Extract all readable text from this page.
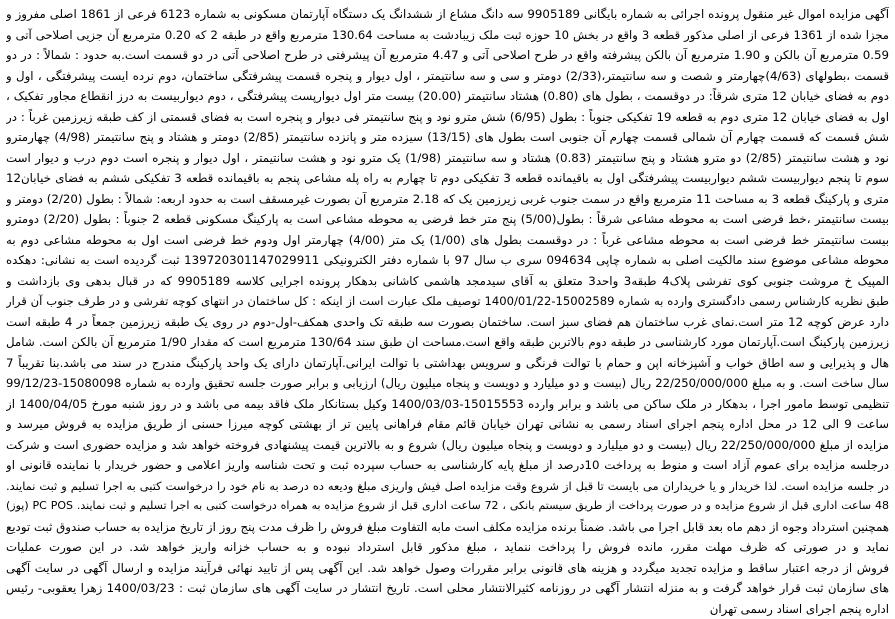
آگهی مزایده اموال غیر منقول پرونده اجرائی به شماره بایگانی 9905189 سه دانگ مشاع از ششدانگ یک دستگاه آپارتمان مسکونی به شماره 6123 فرعی از 1861 اصلی مفروز و
مجزا شده از 1361 فرعی از اصلی مذکور قطعه 3 واقع در بخش 10 حوزه ثبت ملک زیبادشت به مساحت 130.64 مترمربع واقع در طبقه 2 که 0.20 مترمربع آن جزیی اصلاحی آتی و
0.59 مترمربع آن بالکن و 1.90 مترمربع آن بالکن پیشرفته واقع در طرح اصلاحی آتی و 4.47 مترمربع آن پیشرفتی در طرح اصلاحی آتی در دو قسمت است.به حدود : شمالاً : در دو
قسمت ،بطولهای (4/63)چهارمتر و شصت و سه سانتیمتر،(2/33) دومتر و سی و سه سانتیمتر ، اول دیوار و پنجره قسمت پیشرفتگی ساختمان، دوم نرده ایست پیشرفتگی ، اول و
دوم به فضای خیابان 12 متری شرقاً: در دوقسمت ، بطول های (0.80) هشتاد سانتیمتر (20.00) بیست متر اول دیوارپست پیشرفتگی ، دوم دیواربیست به درز انقطاع مجاور تفکیک ،
اول به فضای خیابان 12 متری دوم به قطعه 19 تفکیکی جنوباً : بطول (6/95) شش مترو نود و پنج سانتیمتر فی دیوار و پنجره است به فضای قسمتی از کف طبقه زیرزمین غرباً : در
شش قسمت که قسمت چهارم آن شمالی قسمت چهارم آن جنوبی است بطول های (13/15) سیزده متر و پانزده سانتیمتر (2/85) دومتر و هشتاد و پنج سانتیمتر (4/98) چهارمترو
نود و هشت سانتیمتر (2/85) دو مترو هشتاد و پنج سانتیمتر (0.83) هشتاد و سه سانتیمتر (1/98) یک مترو نود و هشت سانتیمتر ، اول دیوار و پنجره است دوم درب و دیوار است
سوم تا پنجم دیواربیست ششم دیواربیست پیشرفتگی اول به باقیمانده قطعه 3 تفکیکی دوم تا چهارم به راه پله مشاعی پنجم به باقیمانده قطعه 3 تفکیکی ششم به فضای خیابان12
متری و پارکینگ قطعه 3 به مساحت 11 مترمربع واقع در سمت جنوب غربی زیرزمین یک که 2.18 مترمربع آن بصورت غیرمسقف است به حدود اربعه: شمالاً : بطول (2/20) دومتر و
بیست سانتیمتر ،خط فرضی است به محوطه مشاعی شرقاً : بطول(5/00) پنج متر خط فرضی به محوطه مشاعی است به پارکینگ مسکونی قطعه 2 جنوباً : بطول (2/20) دومترو
بیست سانتیمتر خط فرضی است به محوطه مشاعی غرباً : در دوقسمت بطول های (1/00) یک متر (4/00) چهارمتر اول ودوم خط فرضی است اول به محوطه مشاعی دوم به
محوطه مشاعی موضوع سند مالکیت اصلی به شماره چاپی 094634 سری ب سال 97 با شماره دفتر الکترونیکی 139720301147029911 ثبت گردیده است به نشانی: دهکده
المپیک خ مروشت جنوبی کوی تفرشی پلاک4 طبقه3 واحد3 متعلق به آقای سیدمجد هاشمی کاشانی بدهکار پرونده اجرایی کلاسه 9905189 که در قبال بدهی وی بازداشت و
طبق نظریه کارشناس رسمی دادگستری وارده به شماره 15002589-1400/01/22 توصیف ملک عبارت است از اینکه : کل ساختمان در انتهای کوچه تفرشی و در طرف جنوب آن قرار
دارد عرض کوچه 12 متر است.نمای غرب ساختمان هم فضای سبز است. ساختمان بصورت سه طبقه تک واحدی همکف-اول-دوم در روی یک طبقه زیرزمین جمعاً در 4 طبقه است
زیرزمین پارکینگ است.آپارتمان مورد کارشناسی در طبقه دوم بالاتربن طبقه واقع است.مساحت ان طبق سند 130/64 مترمربع است که مقدار 1/90 مترمربع آن بالکن است. شامل
هال و پذیرایی و سه اطاق خواب و آشپزخانه اپن و حمام با توالت فرنگی و سرویس بهداشتی با توالت ایرانی.آپارتمان دارای یک واحد پارکینگ مندرج در سند می باشد.بنا تقریباً 7
سال ساخت است. و به مبلغ 22/250/000/000 ریال (بیست و دو میلیارد و دویست و پنجاه میلیون ریال) ارزیابی و برابر صورت جلسه تحقیق وارده به شماره 15080098-99/12/23
تنظیمی توسط مامور اجرا ، بدهکار در ملک ساکن می باشد و برابر وارده 15015553-1400/03/03 وکیل بستانکار ملک فاقد بیمه می باشد و در روز شنبه مورخ 1400/04/05 از
ساعت 9 الی 12 در محل اداره پنجم اجرای اسناد رسمی به نشانی تهران خیابان قائم مقام فراهانی پایین تر از بهشتی کوچه میرزا حسنی از طریق مزایده به فروش میرسد و
مزایده از مبلغ 22/250/000/000 ریال (بیست و دو میلیارد و دویست و پنجاه میلیون ریال) شروع و به بالاترین قیمت پیشنهادی فروخته خواهد شد و مزایده حضوری است و شرکت
درجلسه مزایده برای عموم آزاد است و منوط به پرداخت 10درصد از مبلغ پایه کارشناسی به حساب سپرده ثبت و تحت شناسه واریز اعلامی و حضور خریدار با نماینده قانونی او
در جلسه مزایده است. لذا خریدار و یا خریداران می بایست تا قبل از شروع وقت مزایده اصل فیش واریزی مبلغ ودیعه ده درصد به نام خود را درخواست کتبی به اجرا تسلیم و ثبت نمایند.
48 ساعت اداری قبل از شروع مزایده و در صورت پرداخت از طریق سیستم بانکی ، 72 ساعت اداری قبل از شروع مزایده به همراه درخواست کتبی به اجرا تسلیم و ثبت نمایند. PC POS (پوز)
همچنین استرداد وجوه از دهم ماه بعد قابل اجرا می باشد. ضمناً برنده مزایده مکلف است مابه التفاوت مبلغ فروش را ظرف مدت پنج روز از تاریخ مزایده به حساب صندوق ثبت تودیع
نماید و در صورتی که ظرف مهلت مقرر، مانده فروش را پرداخت ننماید ، مبلغ مذکور قابل استرداد نبوده و به حساب خزانه واریز خواهد شد. در این صورت عملیات
فروش از درجه اعتبار ساقط و مزایده تجدید میگردد و هزینه های قانونی برابر مقررات وصول خواهد شد. این آگهی پس از تایید نهائی فرآیند مزایده و ارسال آگهی در سایت آگهی
های سازمان ثبت قرار خواهد گرفت و به منزله انتشار آگهی در روزنامه کثیرالانتشار محلی است. تاریخ انتشار در سایت آگهی های سازمان ثبت : 1400/03/23 زهرا یعقوبی- رئیس
اداره پنجم اجرای اسناد رسمی تهران
